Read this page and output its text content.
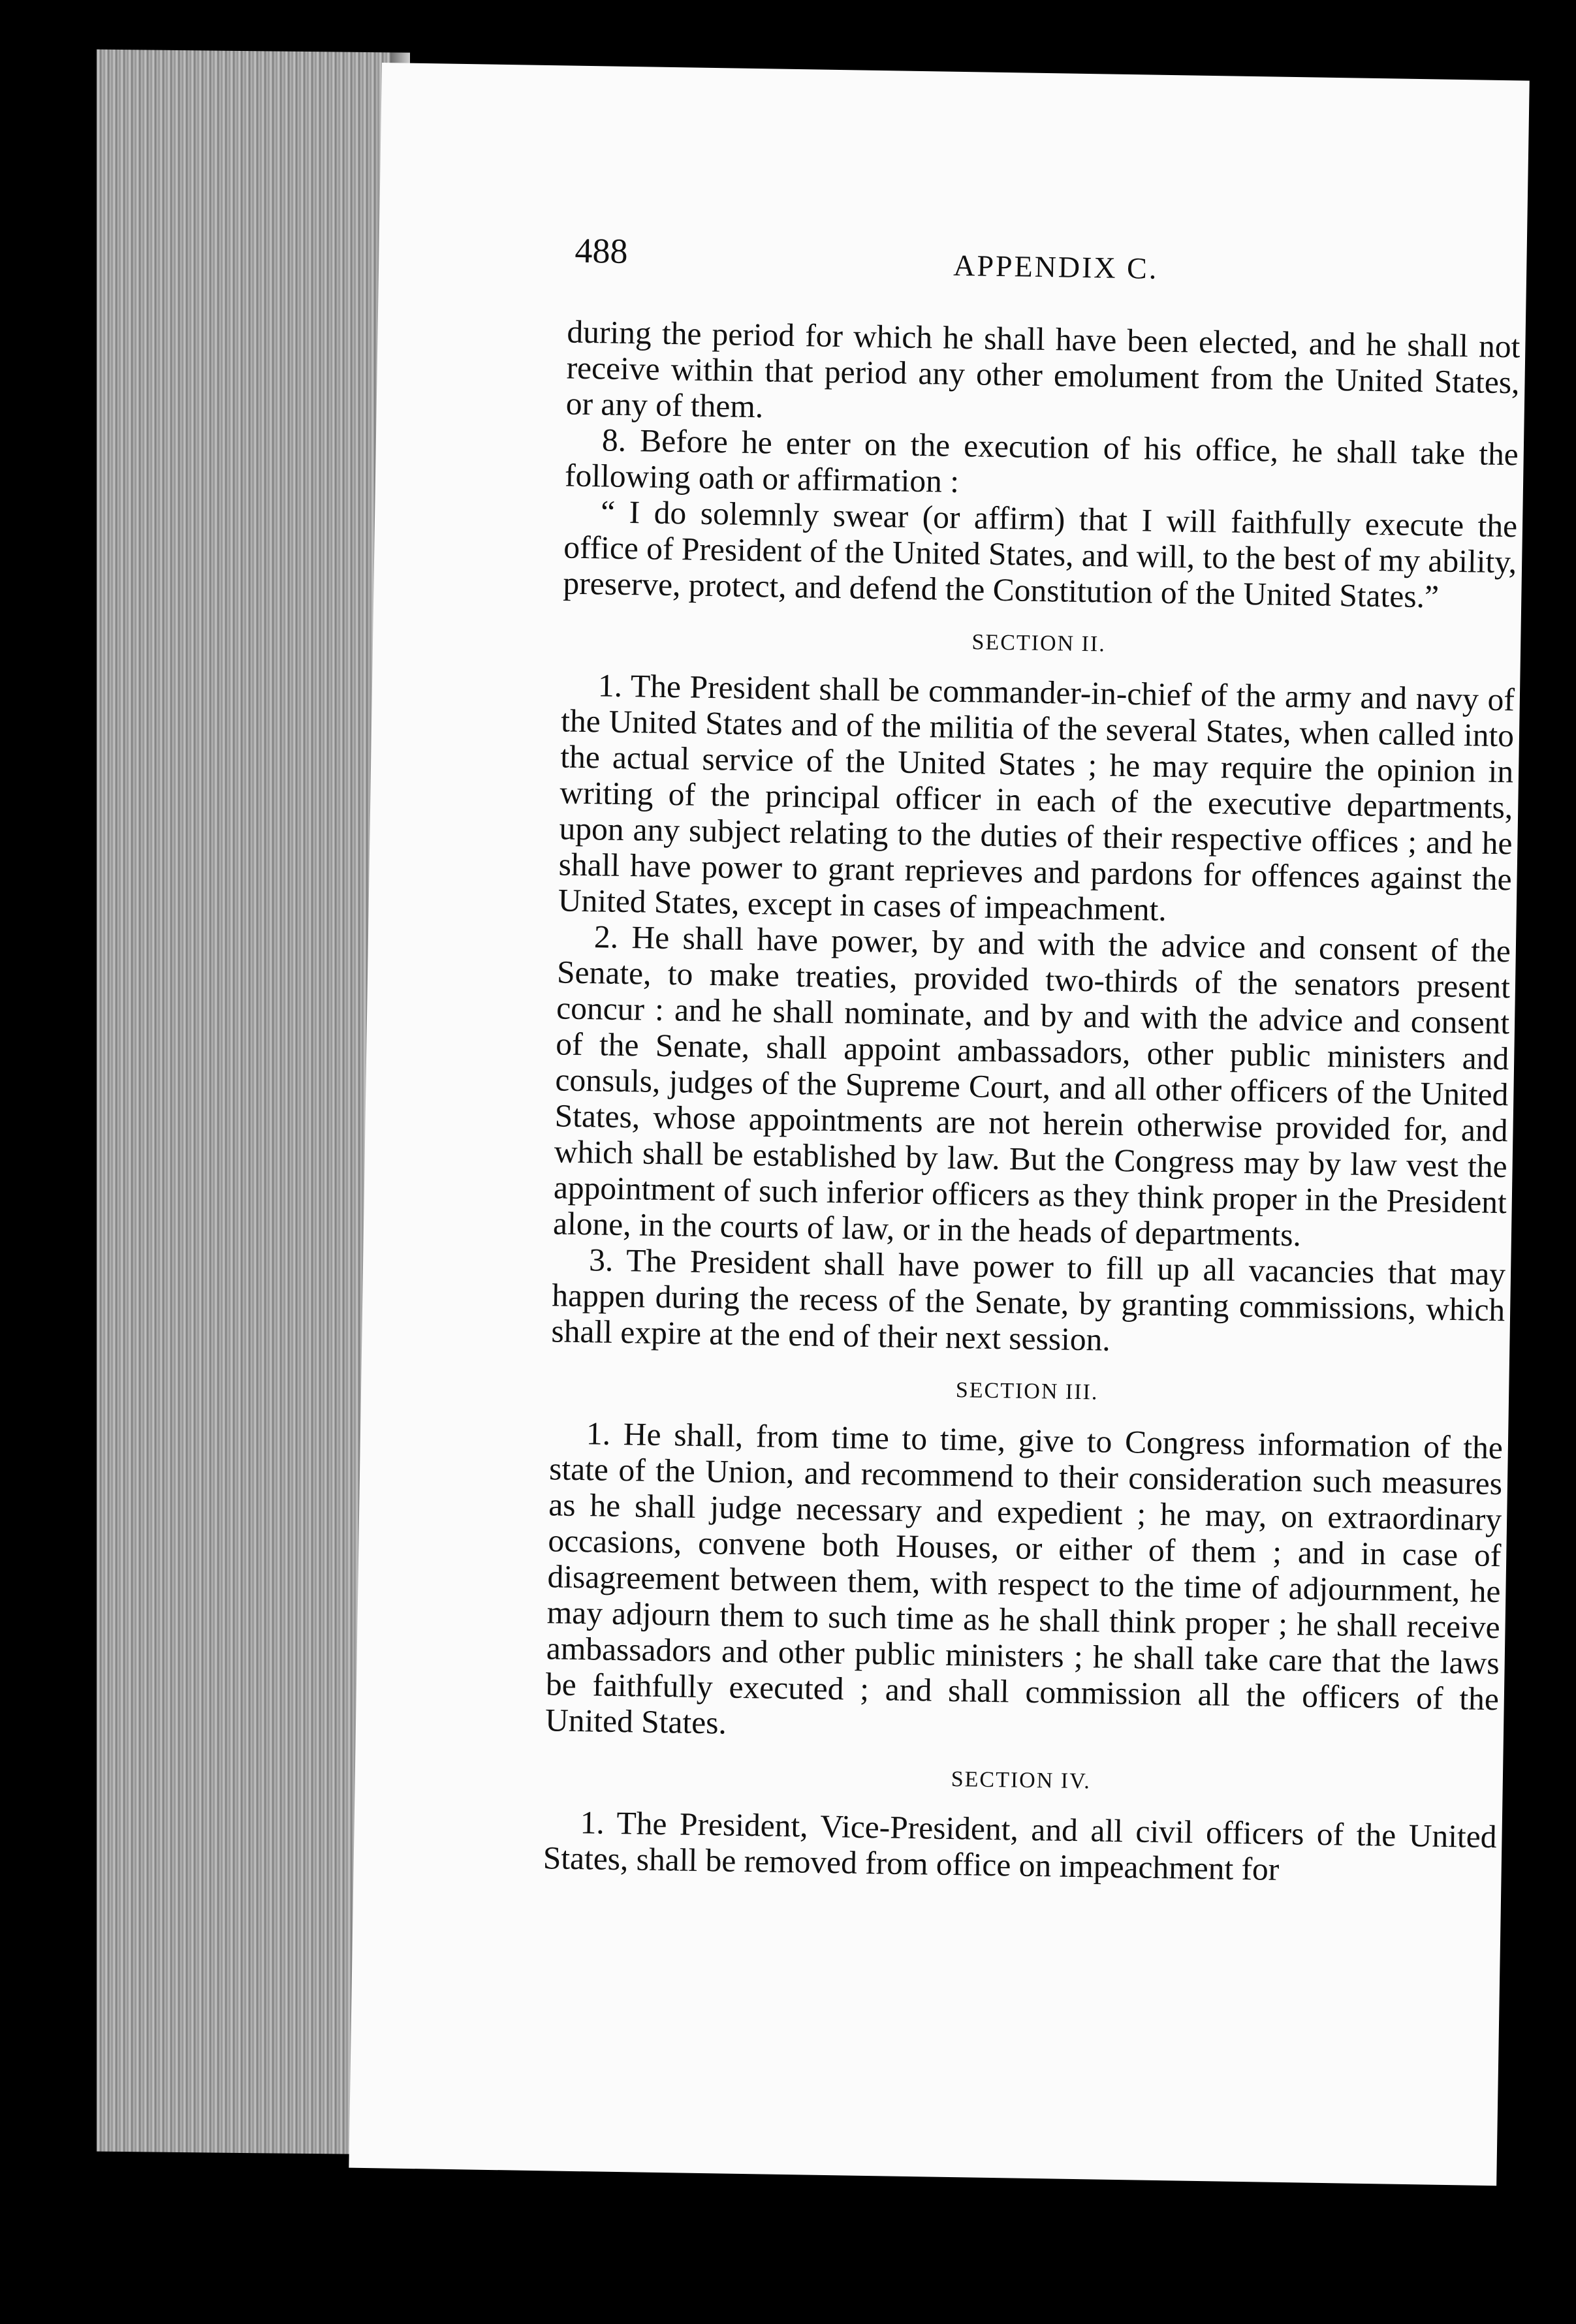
488	APPENDIX C.

during the period for which he shall have been elected, and he shall not receive within that period any other emolument from the United States, or any of them.

8. Before he enter on the execution of his office, he shall take the following oath or affirmation :

“ I do solemnly swear (or affirm) that I will faithfully execute the office of President of the United States, and will, to the best of my ability, preserve, protect, and defend the Constitution of the United States.”

SECTION II.

1. The President shall be commander-in-chief of the army and navy of the United States and of the militia of the several States, when called into the actual service of the United States ; he may require the opinion in writing of the principal officer in each of the executive departments, upon any subject relating to the duties of their respective offices ; and he shall have power to grant reprieves and pardons for offences against the United States, except in cases of impeachment.

2. He shall have power, by and with the advice and consent of the Senate, to make treaties, provided two-thirds of the senators present concur : and he shall nominate, and by and with the advice and consent of the Senate, shall appoint ambassadors, other public ministers and consuls, judges of the Supreme Court, and all other officers of the United States, whose appointments are not herein otherwise provided for, and which shall be established by law. But the Congress may by law vest the appointment of such inferior officers as they think proper in the President alone, in the courts of law, or in the heads of departments.

3. The President shall have power to fill up all vacancies that may happen during the recess of the Senate, by granting commissions, which shall expire at the end of their next session.

SECTION III.

1. He shall, from time to time, give to Congress information of the state of the Union, and recommend to their consideration such measures as he shall judge necessary and expedient ; he may, on extraordinary occasions, convene both Houses, or either of them ; and in case of disagreement between them, with respect to the time of adjournment, he may adjourn them to such time as he shall think proper ; he shall receive ambassadors and other public ministers ; he shall take care that the laws be faithfully executed ; and shall commission all the officers of the United States.

SECTION IV.

1. The President, Vice-President, and all civil officers of the United States, shall be removed from office on impeachment for
